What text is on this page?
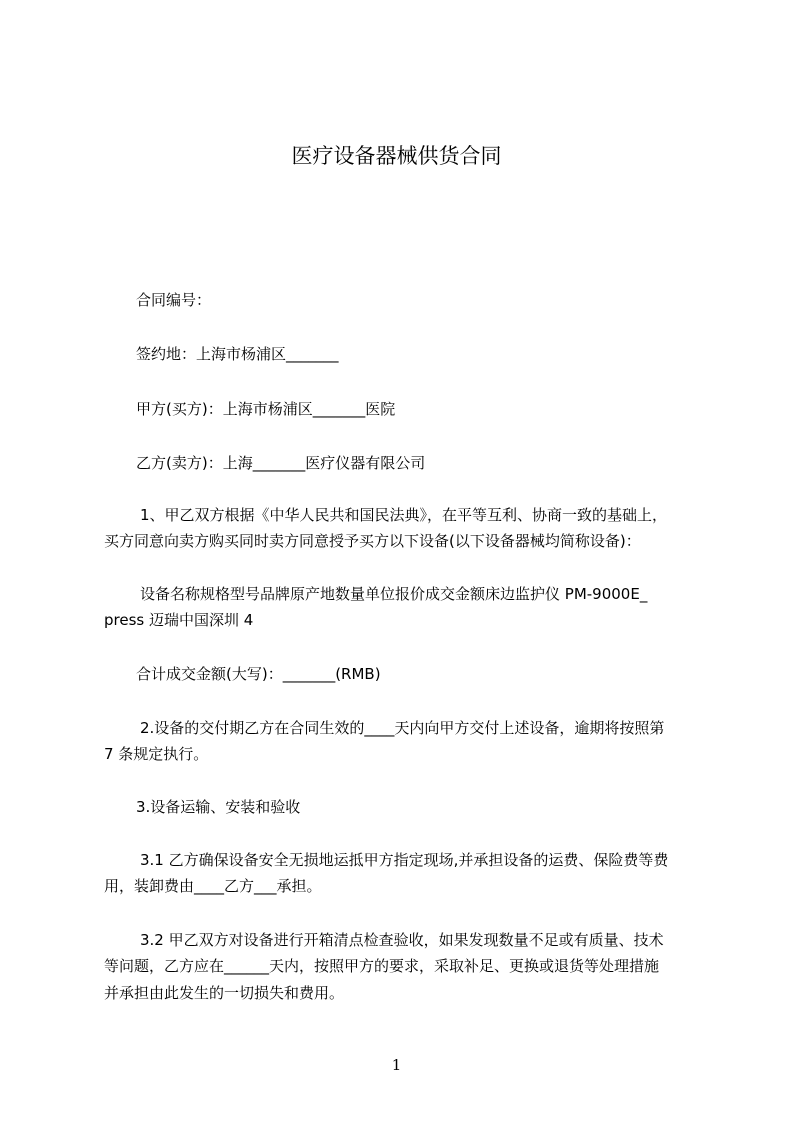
医疗设备器械供货合同
合同编号：
签约地：上海市杨浦区_______
甲方(买方)：上海市杨浦区_______医院
乙方(卖方)：上海_______医疗仪器有限公司
1、甲乙双方根据《中华人民共和国民法典》，在平等互利、协商一致的基础上，
买方同意向卖方购买同时卖方同意授予买方以下设备(以下设备器械均简称设备)：
设备名称规格型号品牌原产地数量单位报价成交金额床边监护仪 PM-9000E_
press 迈瑞中国深圳 4
合计成交金额(大写)：_______(RMB)
2.设备的交付期乙方在合同生效的____天内向甲方交付上述设备，逾期将按照第
7 条规定执行。
3.设备运输、安装和验收
3.1 乙方确保设备安全无损地运抵甲方指定现场,并承担设备的运费、保险费等费
用，装卸费由____乙方___承担。
3.2 甲乙双方对设备进行开箱清点检查验收，如果发现数量不足或有质量、技术
等问题，乙方应在______天内，按照甲方的要求，采取补足、更换或退货等处理措施
并承担由此发生的一切损失和费用。
1
